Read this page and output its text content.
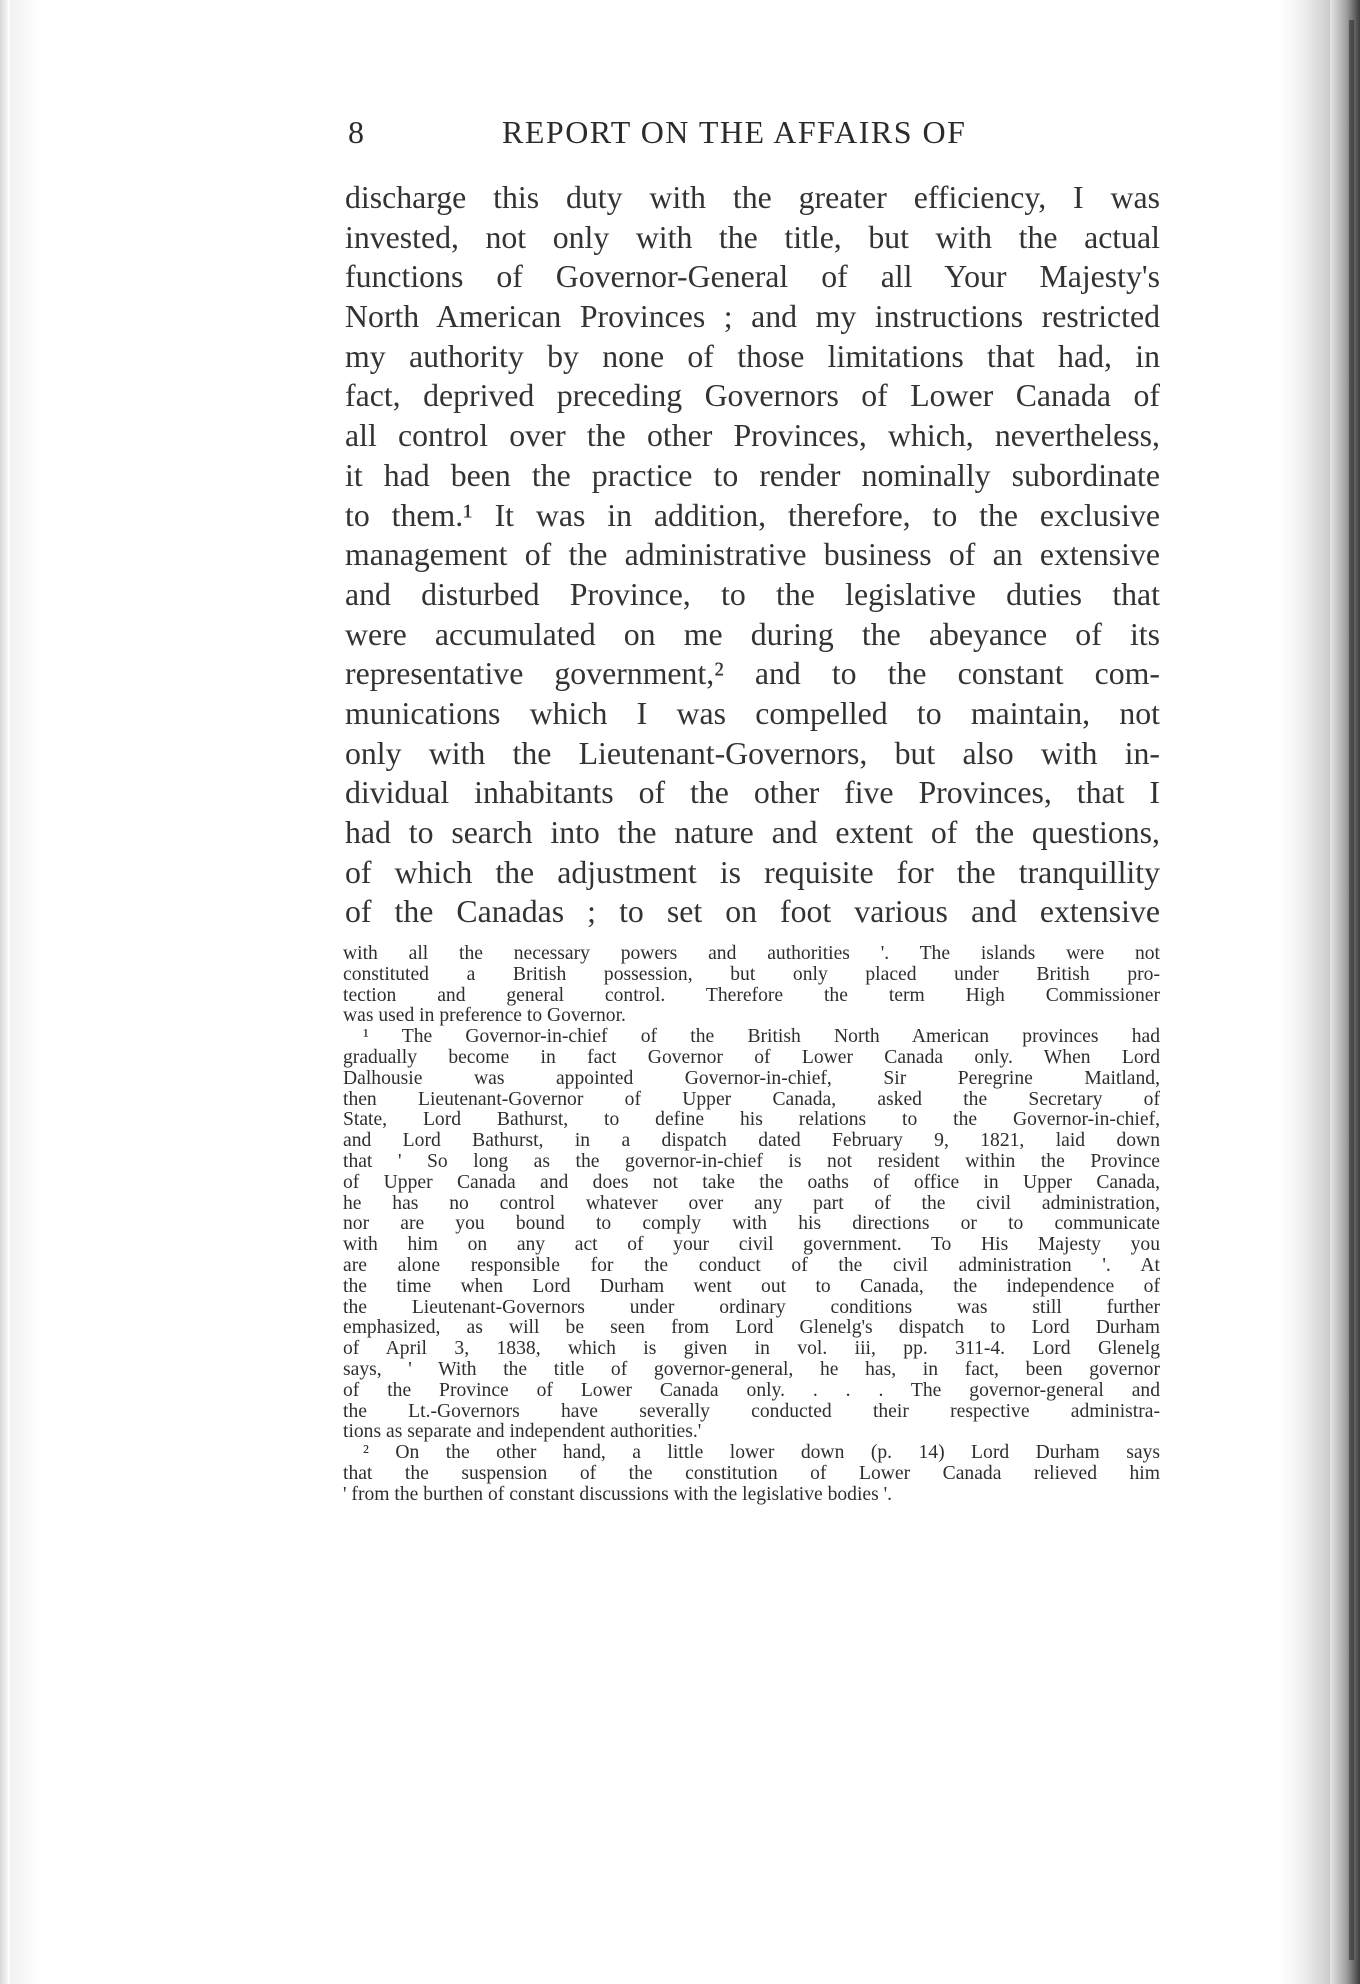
8	REPORT ON THE AFFAIRS OF
discharge this duty with the greater efficiency, I was
invested, not only with the title, but with the actual
functions of Governor-General of all Your Majesty's
North American Provinces ; and my instructions restricted
my authority by none of those limitations that had, in
fact, deprived preceding Governors of Lower Canada of
all control over the other Provinces, which, nevertheless,
it had been the practice to render nominally subordinate
to them.¹ It was in addition, therefore, to the exclusive
management of the administrative business of an extensive
and disturbed Province, to the legislative duties that
were accumulated on me during the abeyance of its
representative government,² and to the constant com-
munications which I was compelled to maintain, not
only with the Lieutenant-Governors, but also with in-
dividual inhabitants of the other five Provinces, that I
had to search into the nature and extent of the questions,
of which the adjustment is requisite for the tranquillity
of the Canadas ; to set on foot various and extensive
with all the necessary powers and authorities '. The islands were not
constituted a British possession, but only placed under British pro-
tection and general control. Therefore the term High Commissioner
was used in preference to Governor.
¹ The Governor-in-chief of the British North American provinces had
gradually become in fact Governor of Lower Canada only. When Lord
Dalhousie was appointed Governor-in-chief, Sir Peregrine Maitland,
then Lieutenant-Governor of Upper Canada, asked the Secretary of
State, Lord Bathurst, to define his relations to the Governor-in-chief,
and Lord Bathurst, in a dispatch dated February 9, 1821, laid down
that ' So long as the governor-in-chief is not resident within the Province
of Upper Canada and does not take the oaths of office in Upper Canada,
he has no control whatever over any part of the civil administration,
nor are you bound to comply with his directions or to communicate
with him on any act of your civil government. To His Majesty you
are alone responsible for the conduct of the civil administration '. At
the time when Lord Durham went out to Canada, the independence of
the Lieutenant-Governors under ordinary conditions was still further
emphasized, as will be seen from Lord Glenelg's dispatch to Lord Durham
of April 3, 1838, which is given in vol. iii, pp. 311-4. Lord Glenelg
says, ' With the title of governor-general, he has, in fact, been governor
of the Province of Lower Canada only. . . . The governor-general and
the Lt.-Governors have severally conducted their respective administra-
tions as separate and independent authorities.'
² On the other hand, a little lower down (p. 14) Lord Durham says
that the suspension of the constitution of Lower Canada relieved him
' from the burthen of constant discussions with the legislative bodies '.
